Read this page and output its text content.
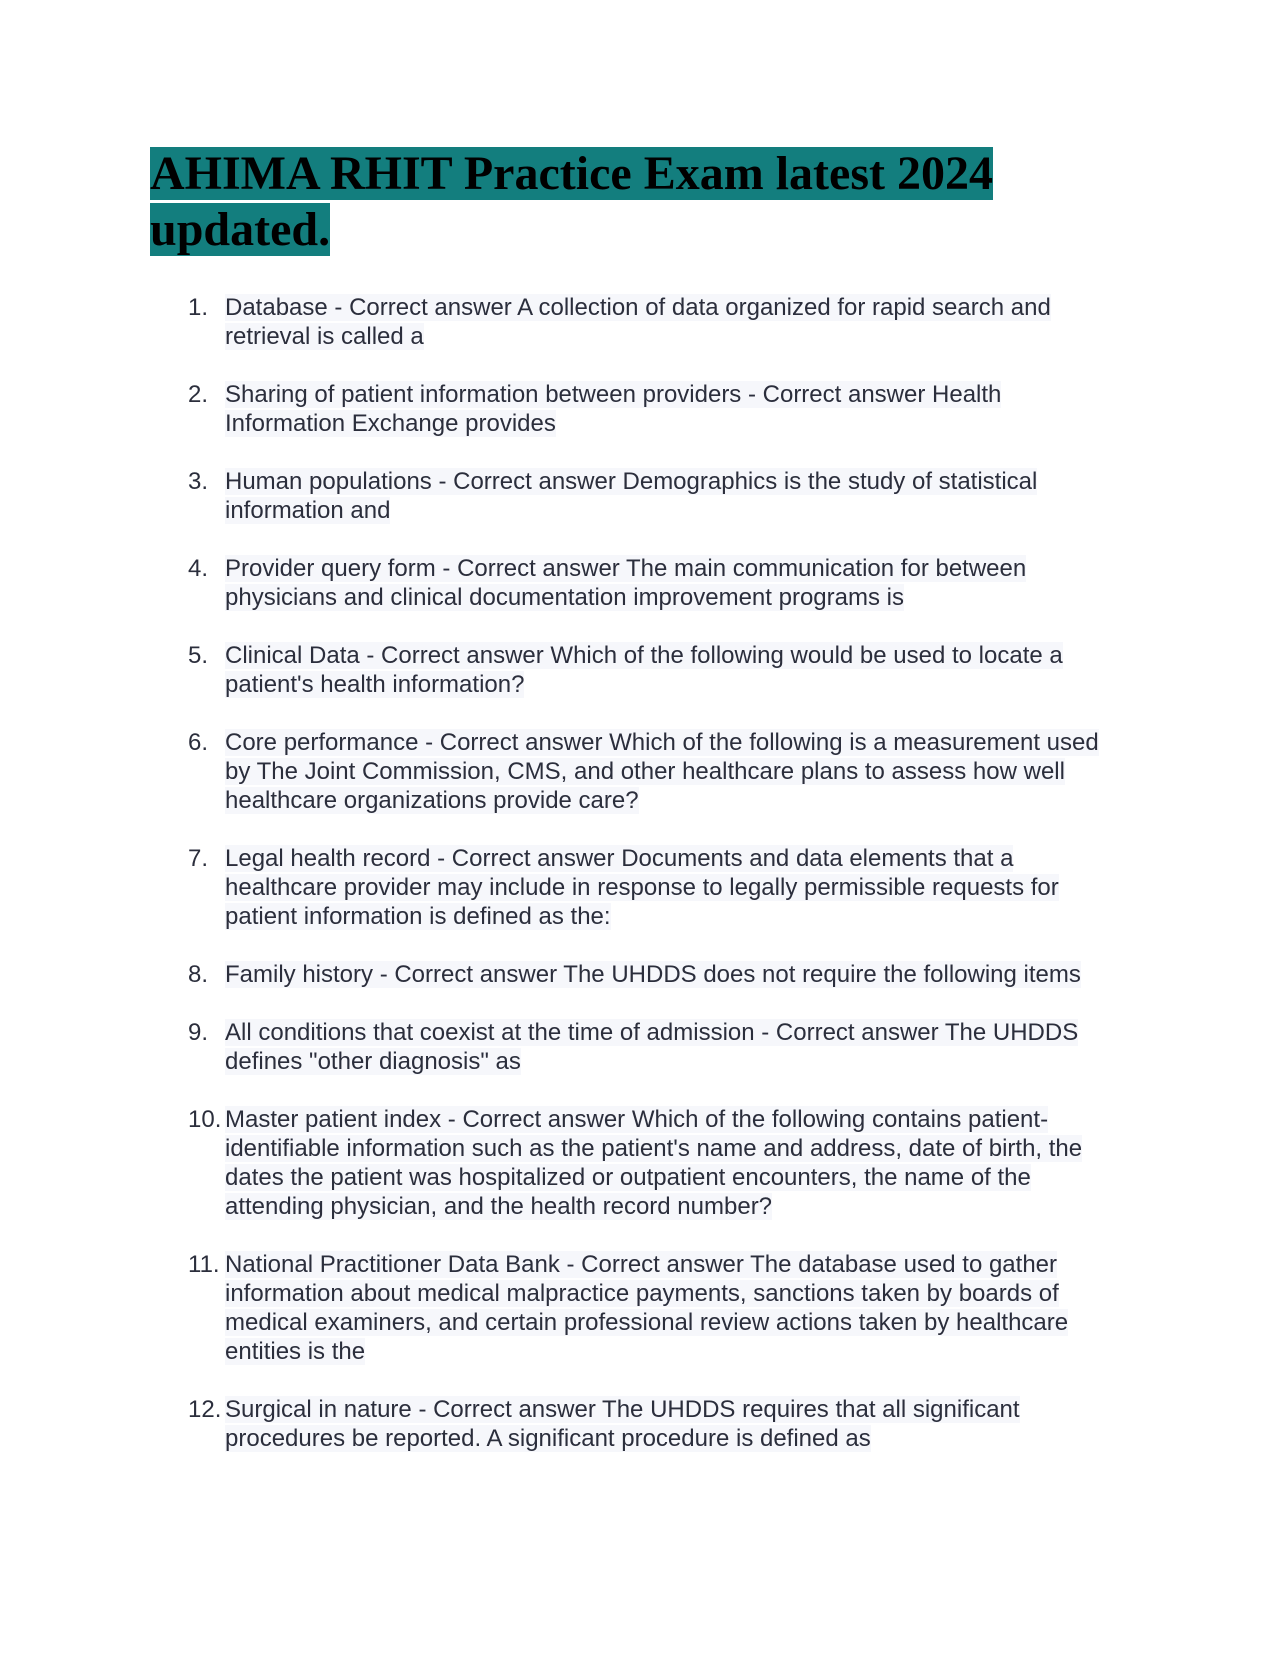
AHIMA RHIT Practice Exam latest 2024
updated.
1. Database - Correct answer A collection of data organized for rapid search and retrieval is called a
2. Sharing of patient information between providers - Correct answer Health Information Exchange provides
3. Human populations - Correct answer Demographics is the study of statistical information and
4. Provider query form - Correct answer The main communication for between physicians and clinical documentation improvement programs is
5. Clinical Data - Correct answer Which of the following would be used to locate a patient's health information?
6. Core performance - Correct answer Which of the following is a measurement used by The Joint Commission, CMS, and other healthcare plans to assess how well healthcare organizations provide care?
7. Legal health record - Correct answer Documents and data elements that a healthcare provider may include in response to legally permissible requests for patient information is defined as the:
8. Family history - Correct answer The UHDDS does not require the following items
9. All conditions that coexist at the time of admission - Correct answer The UHDDS defines "other diagnosis" as
10. Master patient index - Correct answer Which of the following contains patient-identifiable information such as the patient's name and address, date of birth, the dates the patient was hospitalized or outpatient encounters, the name of the attending physician, and the health record number?
11. National Practitioner Data Bank - Correct answer The database used to gather information about medical malpractice payments, sanctions taken by boards of medical examiners, and certain professional review actions taken by healthcare entities is the
12. Surgical in nature - Correct answer The UHDDS requires that all significant procedures be reported. A significant procedure is defined as
